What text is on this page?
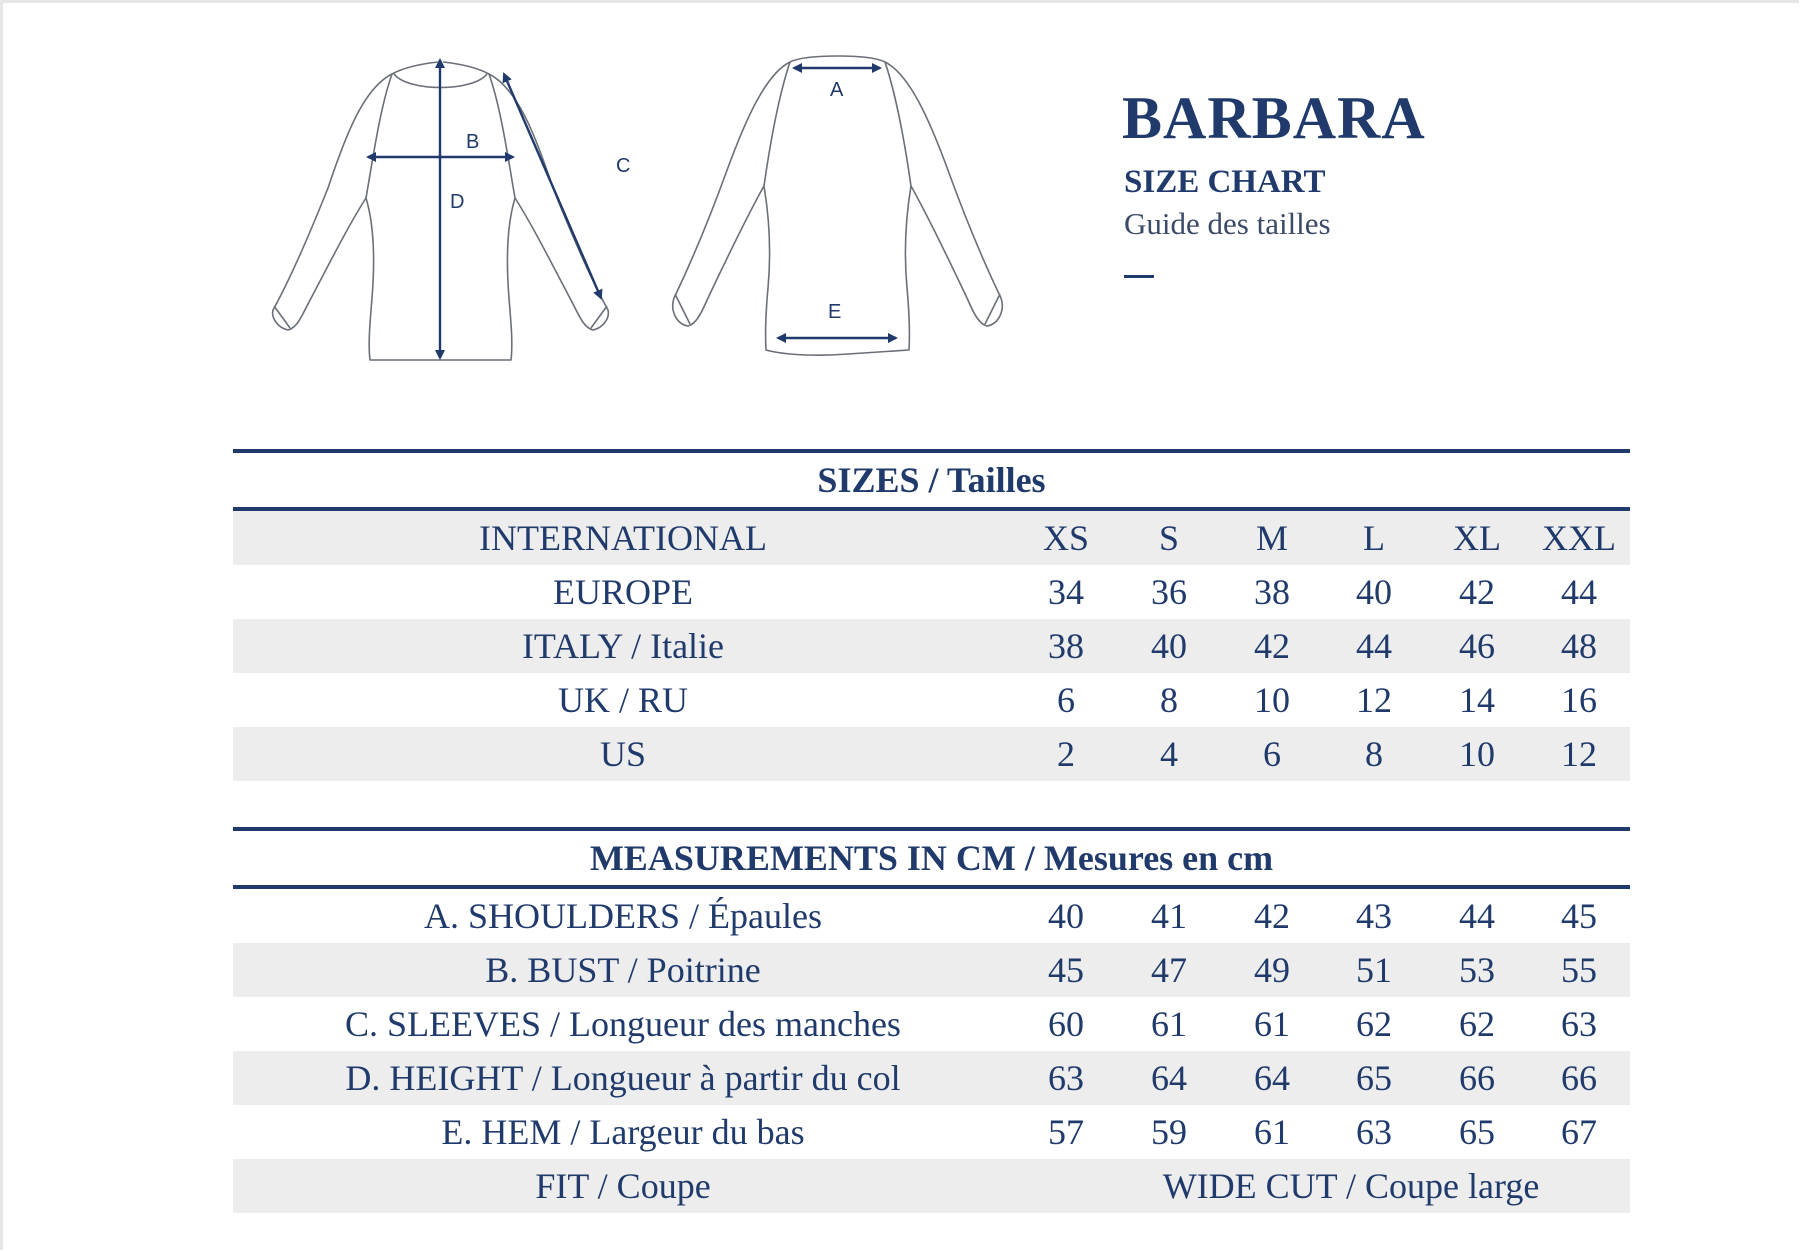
B
D
C
A
E
BARBARA
SIZE CHART
Guide des tailles
SIZES / Tailles
INTERNATIONAL	XS	S	M	L	XL	XXL
EUROPE	34	36	38	40	42	44
ITALY / Italie	38	40	42	44	46	48
UK / RU	6	8	10	12	14	16
US	2	4	6	8	10	12
MEASUREMENTS IN CM / Mesures en cm
A. SHOULDERS / Épaules	40	41	42	43	44	45
B. BUST / Poitrine	45	47	49	51	53	55
C. SLEEVES / Longueur des manches	60	61	61	62	62	63
D. HEIGHT / Longueur à partir du col	63	64	64	65	66	66
E. HEM / Largeur du bas	57	59	61	63	65	67
FIT / Coupe	WIDE CUT / Coupe large
